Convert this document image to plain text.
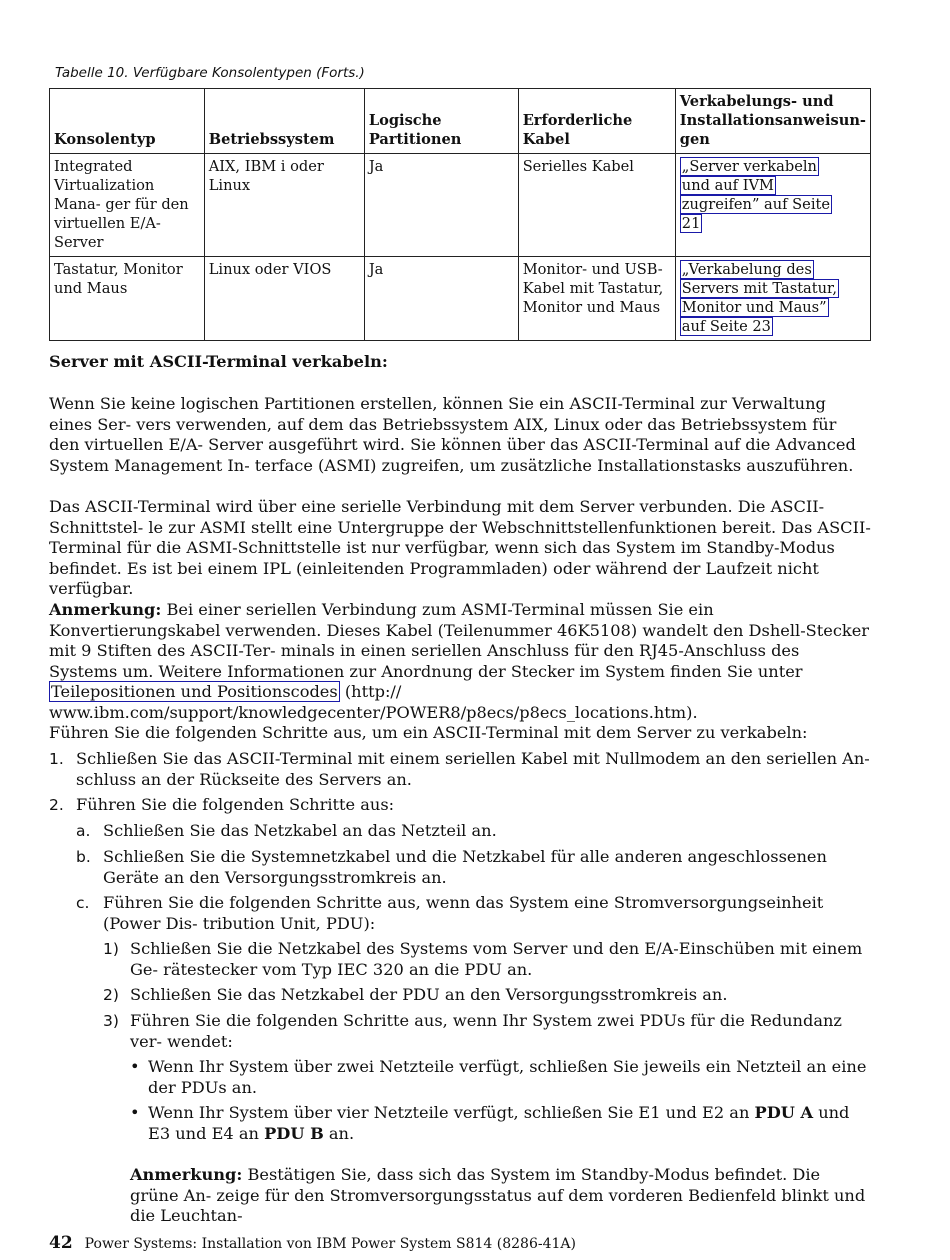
Tabelle 10. Verfügbare Konsolentypen (Forts.)
Konsolentyp	Betriebssystem	Logische Partitionen	Erforderliche Kabel	Verkabelungs- und
Installationsanweisun-
gen
Integrated Virtualization Mana- ger für den virtuellen E/A-Server	AIX, IBM i oder Linux	Ja	Serielles Kabel	„Server verkabeln
und auf IVM
zugreifen” auf Seite
21
Tastatur, Monitor und Maus	Linux oder VIOS	Ja	Monitor- und USB- Kabel mit Tastatur, Monitor und Maus	„Verkabelung des
Servers mit Tastatur,
Monitor und Maus”
auf Seite 23
Server mit ASCII-Terminal verkabeln:

Wenn Sie keine logischen Partitionen erstellen, können Sie ein ASCII-Terminal zur Verwaltung eines Ser- vers verwenden, auf dem das Betriebssystem AIX, Linux oder das Betriebssystem für den virtuellen E/A- Server ausgeführt wird. Sie können über das ASCII-Terminal auf die Advanced System Management In- terface (ASMI) zugreifen, um zusätzliche Installationstasks auszuführen.

Das ASCII-Terminal wird über eine serielle Verbindung mit dem Server verbunden. Die ASCII-Schnittstel- le zur ASMI stellt eine Untergruppe der Webschnittstellenfunktionen bereit. Das ASCII-Terminal für die ASMI-Schnittstelle ist nur verfügbar, wenn sich das System im Standby-Modus befindet. Es ist bei einem IPL (einleitenden Programmladen) oder während der Laufzeit nicht verfügbar.

Anmerkung: Bei einer seriellen Verbindung zum ASMI-Terminal müssen Sie ein Konvertierungskabel verwenden. Dieses Kabel (Teilenummer 46K5108) wandelt den Dshell-Stecker mit 9 Stiften des ASCII-Ter- minals in einen seriellen Anschluss für den RJ45-Anschluss des Systems um. Weitere Informationen zur Anordnung der Stecker im System finden Sie unter Teilepositionen und Positionscodes (http:// www.ibm.com/support/knowledgecenter/POWER8/p8ecs/p8ecs_locations.htm).

Führen Sie die folgenden Schritte aus, um ein ASCII-Terminal mit dem Server zu verkabeln:

1. Schließen Sie das ASCII-Terminal mit einem seriellen Kabel mit Nullmodem an den seriellen An- schluss an der Rückseite des Servers an.

2. Führen Sie die folgenden Schritte aus:

a. Schließen Sie das Netzkabel an das Netzteil an.

b. Schließen Sie die Systemnetzkabel und die Netzkabel für alle anderen angeschlossenen Geräte an den Versorgungsstromkreis an.

c. Führen Sie die folgenden Schritte aus, wenn das System eine Stromversorgungseinheit (Power Dis- tribution Unit, PDU):

1) Schließen Sie die Netzkabel des Systems vom Server und den E/A-Einschüben mit einem Ge- rätestecker vom Typ IEC 320 an die PDU an.

2) Schließen Sie das Netzkabel der PDU an den Versorgungsstromkreis an.

3) Führen Sie die folgenden Schritte aus, wenn Ihr System zwei PDUs für die Redundanz ver- wendet:

• Wenn Ihr System über zwei Netzteile verfügt, schließen Sie jeweils ein Netzteil an eine der PDUs an.

• Wenn Ihr System über vier Netzteile verfügt, schließen Sie E1 und E2 an PDU A und E3 und E4 an PDU B an.

Anmerkung: Bestätigen Sie, dass sich das System im Standby-Modus befindet. Die grüne An- zeige für den Stromversorgungsstatus auf dem vorderen Bedienfeld blinkt und die Leuchtan-

42 Power Systems: Installation von IBM Power System S814 (8286-41A)
